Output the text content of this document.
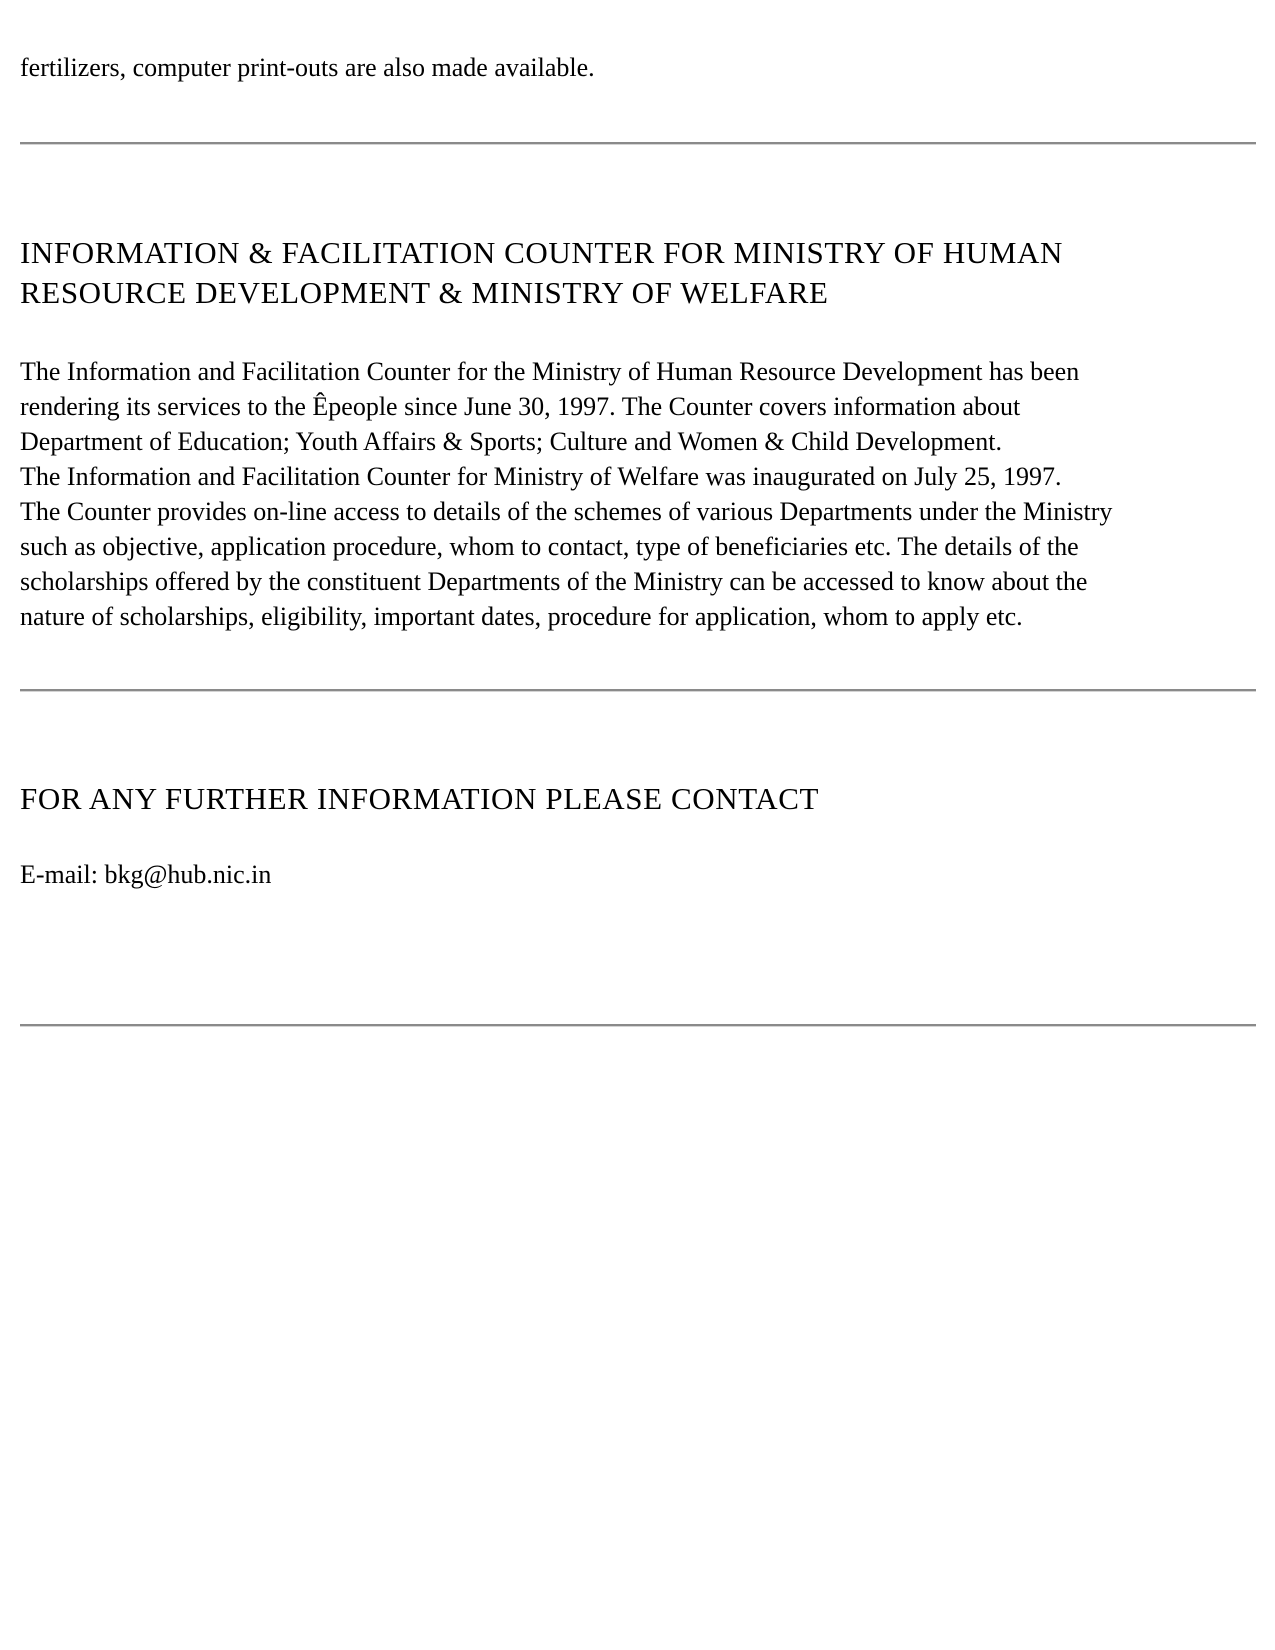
fertilizers, computer print-outs are also made available.

INFORMATION & FACILITATION COUNTER FOR MINISTRY OF HUMAN
RESOURCE DEVELOPMENT & MINISTRY OF WELFARE

The Information and Facilitation Counter for the Ministry of Human Resource Development has been

rendering its services to the Êpeople since June 30, 1997. The Counter covers information about

Department of Education; Youth Affairs & Sports; Culture and Women & Child Development.

The Information and Facilitation Counter for Ministry of Welfare was inaugurated on July 25, 1997.

The Counter provides on-line access to details of the schemes of various Departments under the Ministry

such as objective, application procedure, whom to contact, type of beneficiaries etc. The details of the

scholarships offered by the constituent Departments of the Ministry can be accessed to know about the

nature of scholarships, eligibility, important dates, procedure for application, whom to apply etc.

FOR ANY FURTHER INFORMATION PLEASE CONTACT

E-mail: bkg@hub.nic.in
